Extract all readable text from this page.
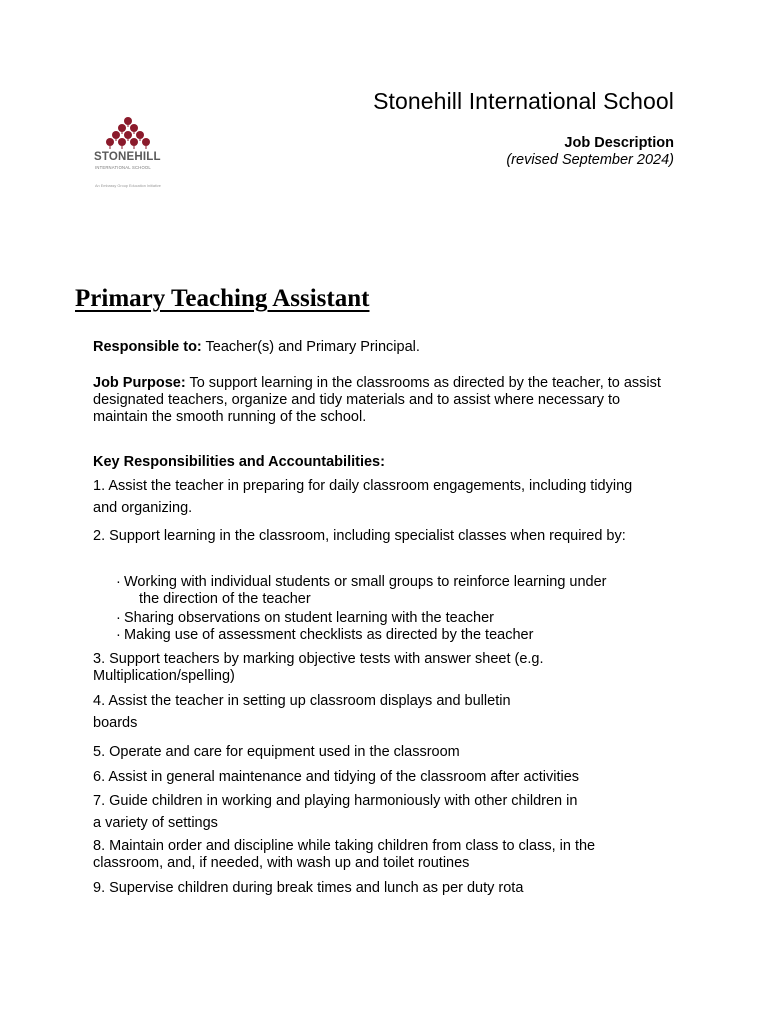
Stonehill International School
Job Description
(revised September 2024)
STONEHILL
INTERNATIONAL SCHOOL
An Embassy Group Education Initiative
Primary Teaching Assistant
Responsible to: Teacher(s) and Primary Principal.
Job Purpose: To support learning in the classrooms as directed by the teacher, to assist designated teachers, organize and tidy materials and to assist where necessary to maintain the smooth running of the school.
Key Responsibilities and Accountabilities:
1. Assist the teacher in preparing for daily classroom engagements, including tidying and organizing.
2. Support learning in the classroom, including specialist classes when required by:
· Working with individual students or small groups to reinforce learning under
the direction of the teacher
· Sharing observations on student learning with the teacher
· Making use of assessment checklists as directed by the teacher
3. Support teachers by marking objective tests with answer sheet (e.g. Multiplication/spelling)
4. Assist the teacher in setting up classroom displays and bulletin
boards
5. Operate and care for equipment used in the classroom
6. Assist in general maintenance and tidying of the classroom after activities
7. Guide children in working and playing harmoniously with other children in
a variety of settings
8. Maintain order and discipline while taking children from class to class, in the classroom, and, if needed, with wash up and toilet routines
9. Supervise children during break times and lunch as per duty rota
